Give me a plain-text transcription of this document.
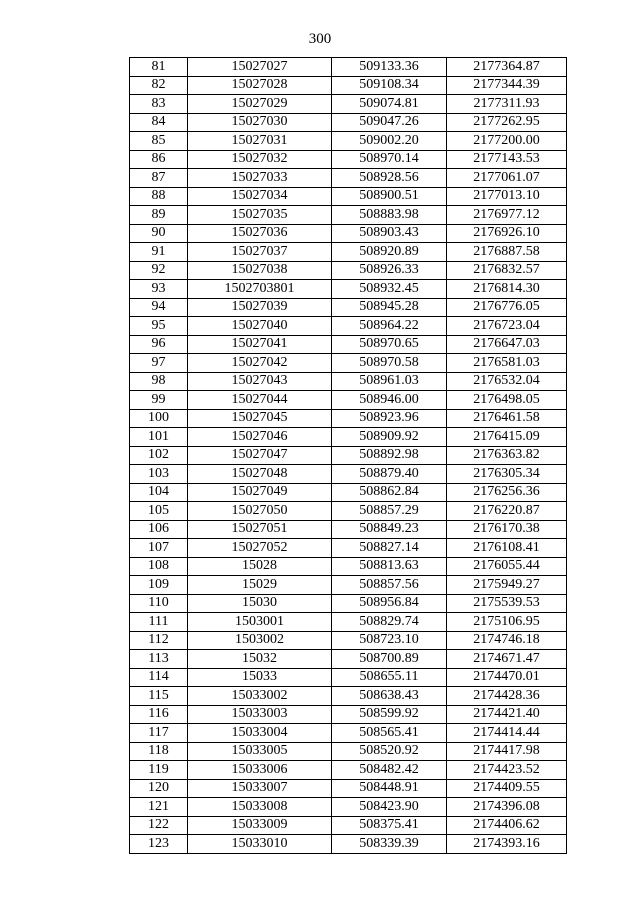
300
81	15027027	509133.36	2177364.87
82	15027028	509108.34	2177344.39
83	15027029	509074.81	2177311.93
84	15027030	509047.26	2177262.95
85	15027031	509002.20	2177200.00
86	15027032	508970.14	2177143.53
87	15027033	508928.56	2177061.07
88	15027034	508900.51	2177013.10
89	15027035	508883.98	2176977.12
90	15027036	508903.43	2176926.10
91	15027037	508920.89	2176887.58
92	15027038	508926.33	2176832.57
93	1502703801	508932.45	2176814.30
94	15027039	508945.28	2176776.05
95	15027040	508964.22	2176723.04
96	15027041	508970.65	2176647.03
97	15027042	508970.58	2176581.03
98	15027043	508961.03	2176532.04
99	15027044	508946.00	2176498.05
100	15027045	508923.96	2176461.58
101	15027046	508909.92	2176415.09
102	15027047	508892.98	2176363.82
103	15027048	508879.40	2176305.34
104	15027049	508862.84	2176256.36
105	15027050	508857.29	2176220.87
106	15027051	508849.23	2176170.38
107	15027052	508827.14	2176108.41
108	15028	508813.63	2176055.44
109	15029	508857.56	2175949.27
110	15030	508956.84	2175539.53
111	1503001	508829.74	2175106.95
112	1503002	508723.10	2174746.18
113	15032	508700.89	2174671.47
114	15033	508655.11	2174470.01
115	15033002	508638.43	2174428.36
116	15033003	508599.92	2174421.40
117	15033004	508565.41	2174414.44
118	15033005	508520.92	2174417.98
119	15033006	508482.42	2174423.52
120	15033007	508448.91	2174409.55
121	15033008	508423.90	2174396.08
122	15033009	508375.41	2174406.62
123	15033010	508339.39	2174393.16
